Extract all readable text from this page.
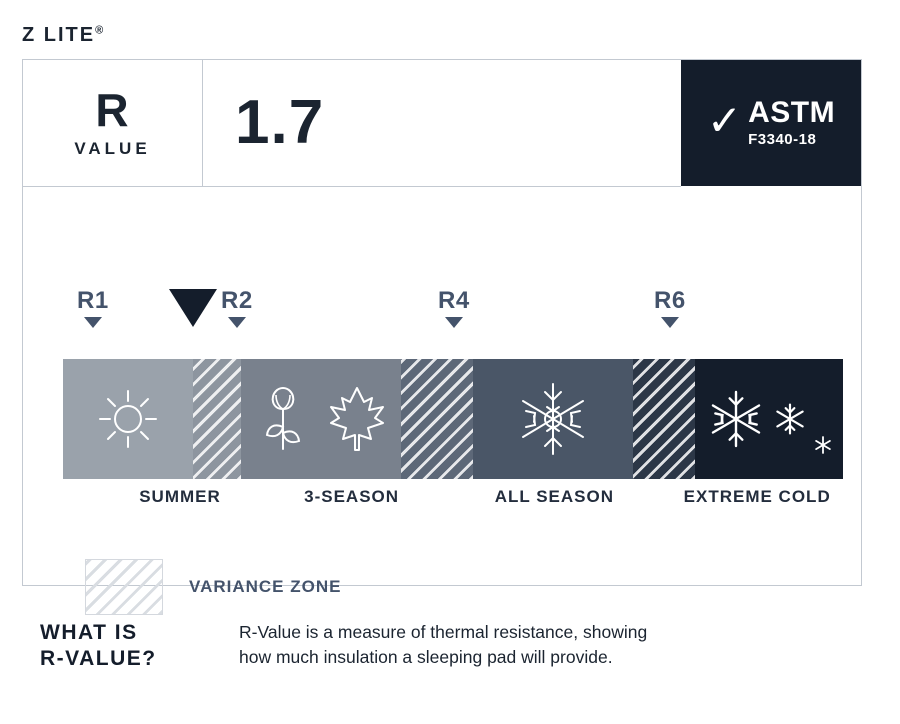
Z LITE®
R
VALUE 1.7	✓ ASTM
F3340-18
R1	R2	R4	R6
SUMMER	3-SEASON	ALL SEASON	EXTREME COLD
VARIANCE ZONE
WHAT IS
R-VALUE?
R-Value is a measure of thermal resistance, showing
how much insulation a sleeping pad will provide.
